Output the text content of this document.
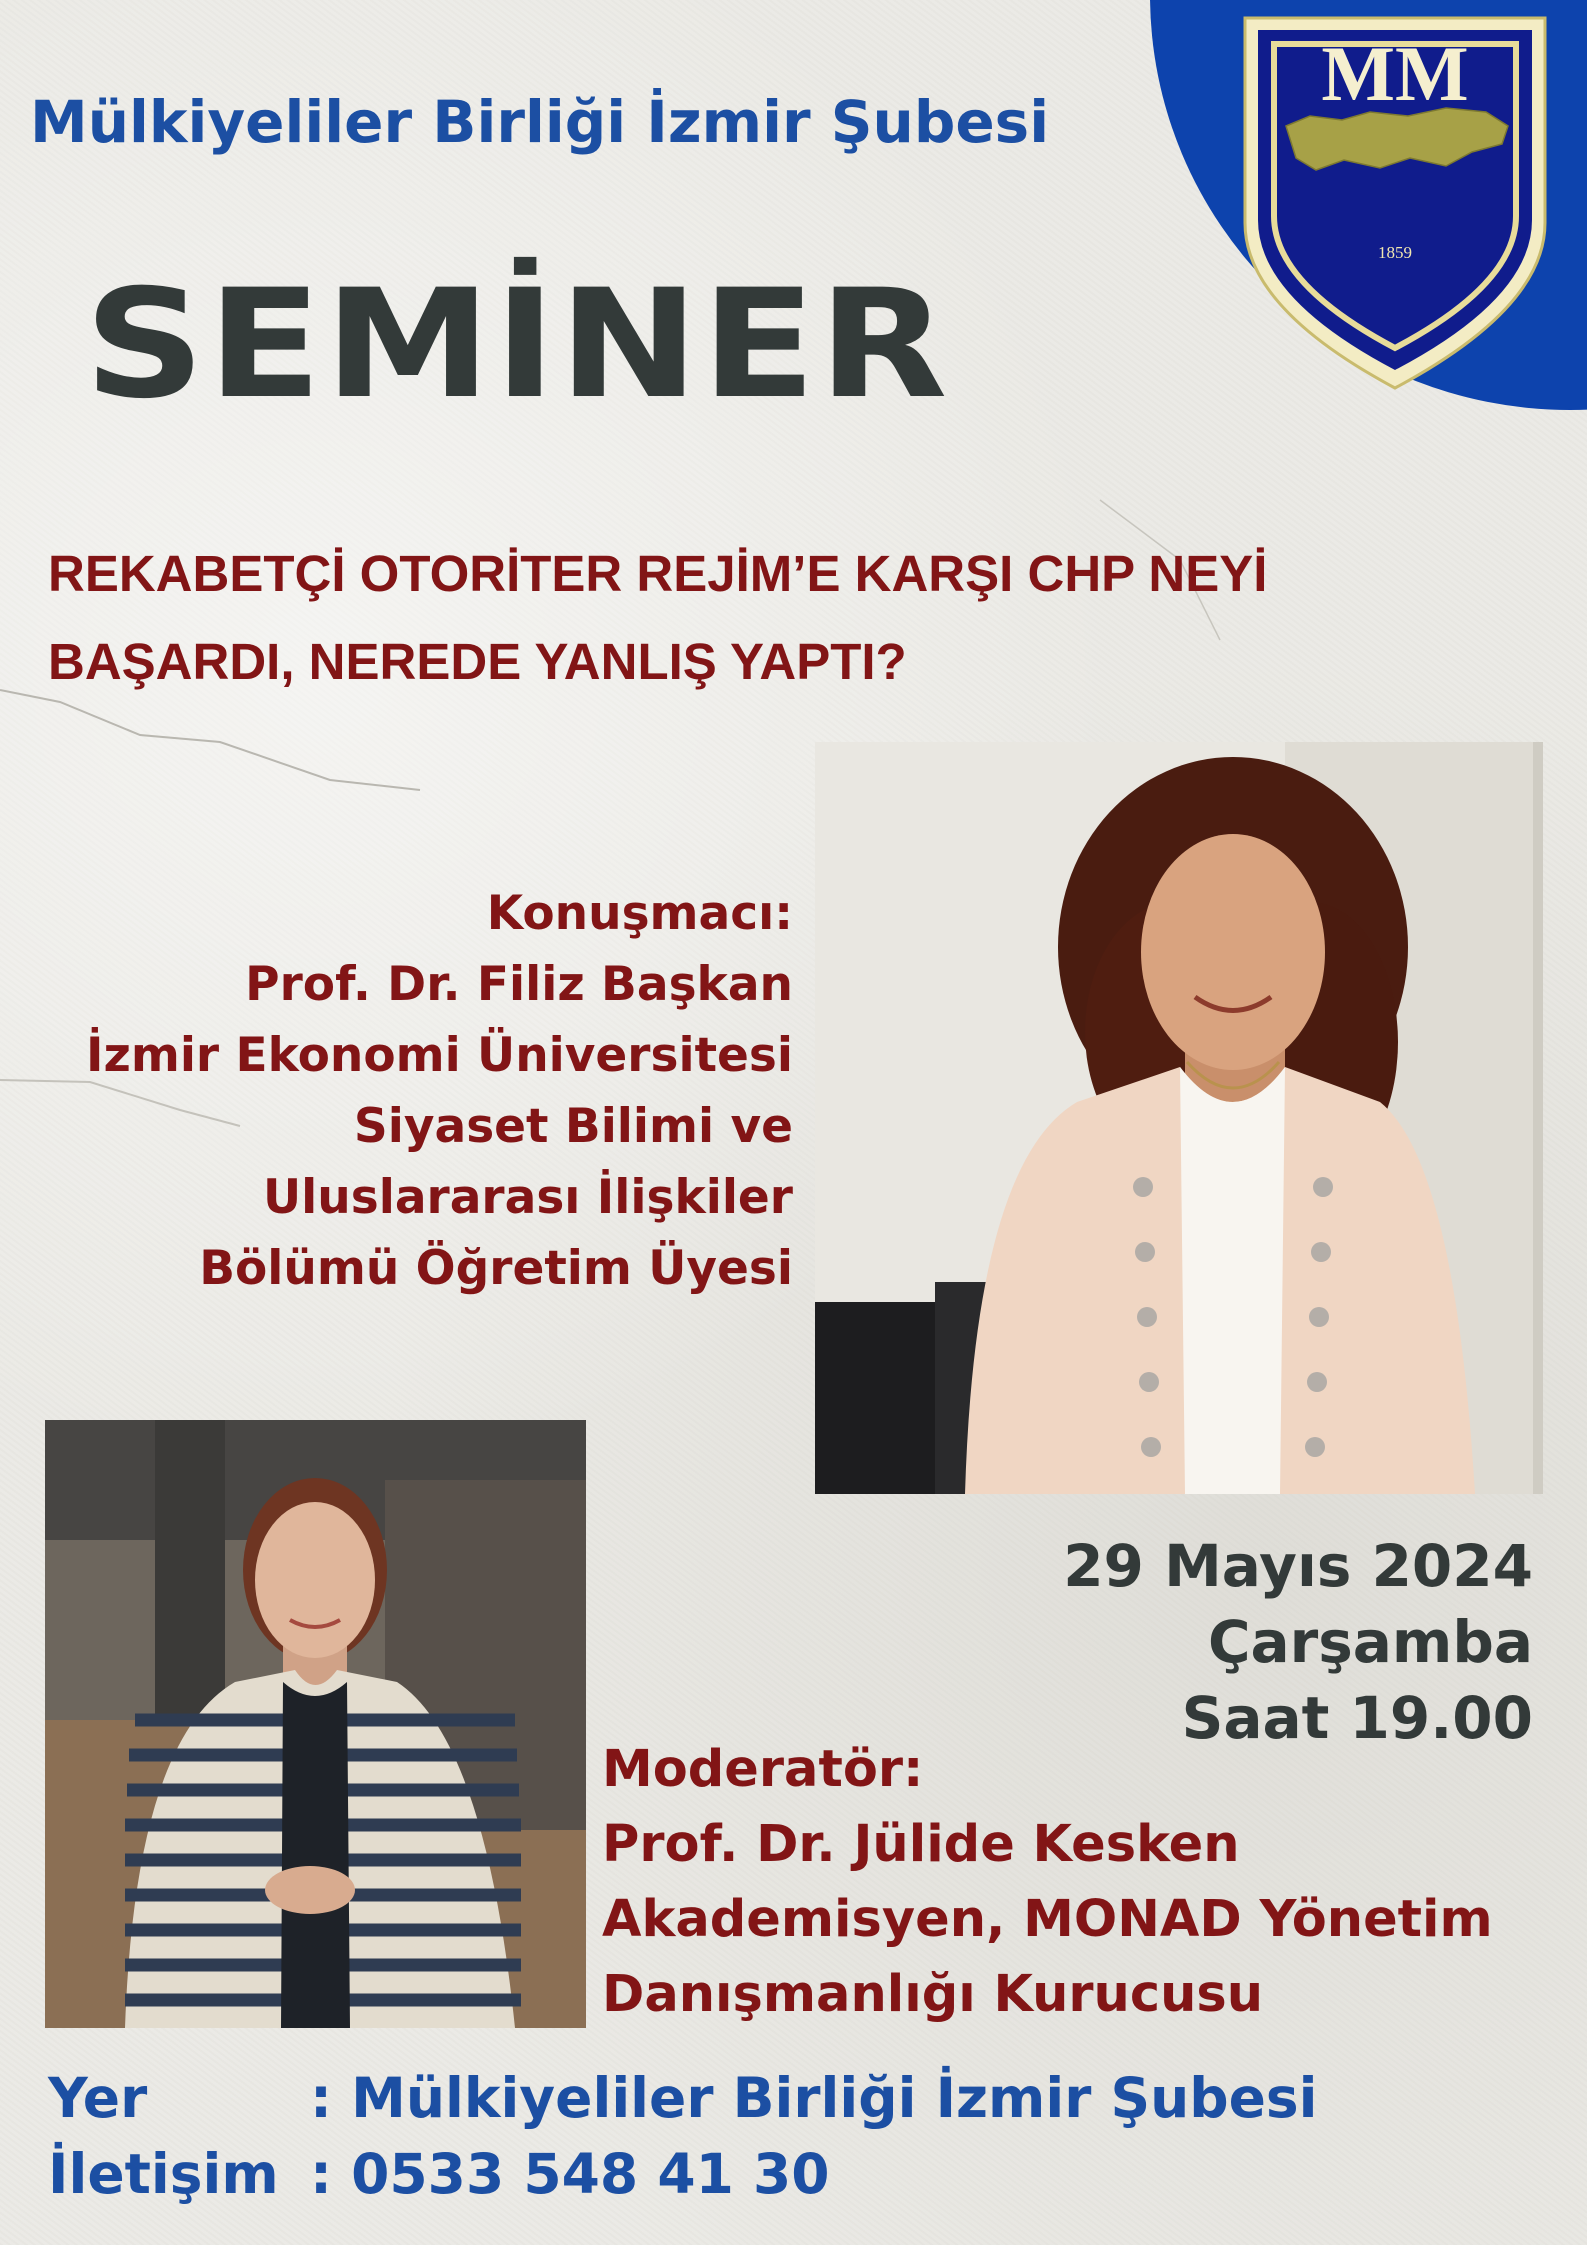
Mülkiyeliler Birliği İzmir Şubesi
MM
1859
SEMİNER
REKABETÇİ OTORİTER REJİM’E KARŞI CHP NEYİ
BAŞARDI, NEREDE YANLIŞ YAPTI?
Konuşmacı:
Prof. Dr. Filiz Başkan
İzmir Ekonomi Üniversitesi
Siyaset Bilimi ve
Uluslararası İlişkiler
Bölümü Öğretim Üyesi
29 Mayıs 2024
Çarşamba
Saat 19.00
Moderatör:
Prof. Dr. Jülide Kesken
Akademisyen, MONAD Yönetim
Danışmanlığı Kurucusu
Yer	: Mülkiyeliler Birliği İzmir Şubesi
İletişim : 0533 548 41 30
